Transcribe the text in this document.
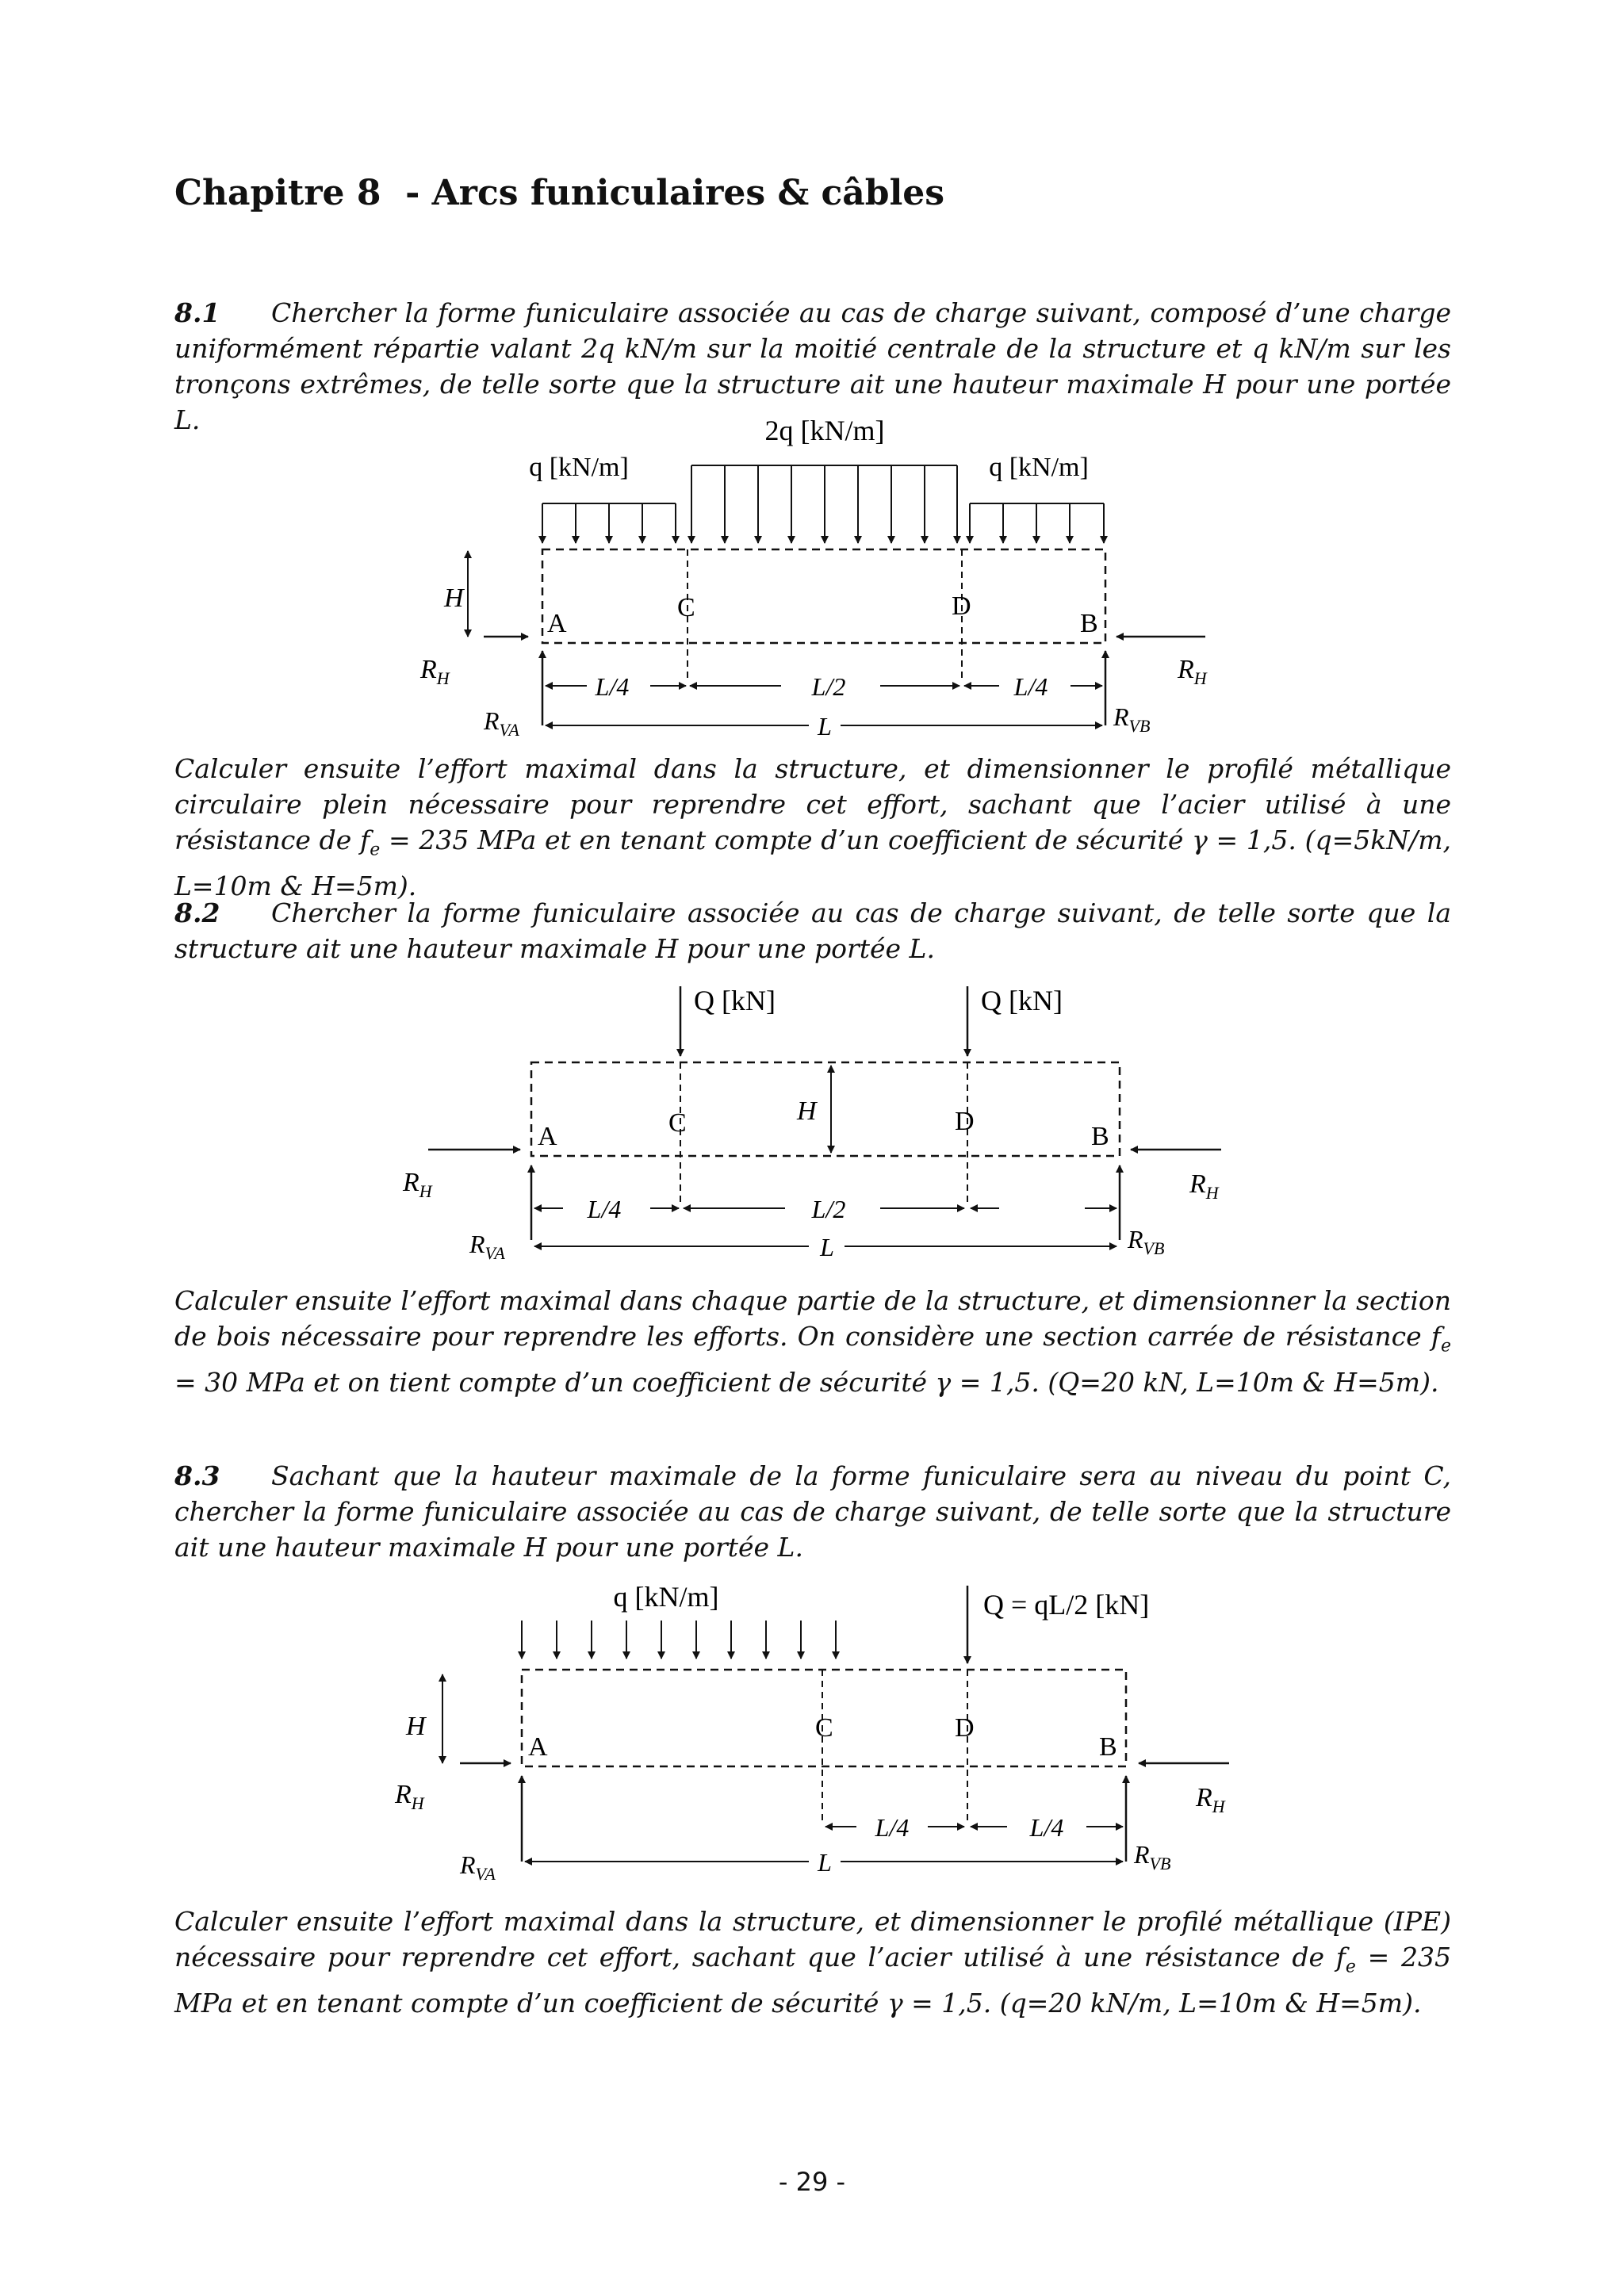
Chapitre 8  - Arcs funiculaires & câbles
8.1 Chercher la forme funiculaire associée au cas de charge suivant, composé d’une charge uniformément répartie valant 2q kN/m sur la moitié centrale de la structure et q kN/m sur les tronçons extrêmes, de telle sorte que la structure ait une hauteur maximale H pour une portée L.	2q [kN/m]
q [kN/m]	q [kN/m]
H
A
C	D
B
$R_H$	$R_H$
$R_{VA}$	$R_{VB}$
L/4	L/2	L/4
L
Calculer ensuite l’effort maximal dans la structure, et dimensionner le profilé métallique circulaire plein nécessaire pour reprendre cet effort, sachant que l’acier utilisé à une résistance de $f_e = 235$ MPa et en tenant compte d’un coefficient de sécurité γ = 1,5. (q=5kN/m, L=10m & H=5m).
8.2 Chercher la forme funiculaire associée au cas de charge suivant, de telle sorte que la structure ait une hauteur maximale H pour une portée L.
Q [kN]	Q [kN]
H
A	C	D
B
$R_H$	$R_H$
$R_{VA}$	$R_{VB}$
L/4	L/2
L
Calculer ensuite l’effort maximal dans chaque partie de la structure, et dimensionner la section de bois nécessaire pour reprendre les efforts. On considère une section carrée de résistance $f_e = 30$ MPa et on tient compte d’un coefficient de sécurité γ = 1,5. (Q=20 kN, L=10m & H=5m).
8.3 Sachant que la hauteur maximale de la forme funiculaire sera au niveau du point C, chercher la forme funiculaire associée au cas de charge suivant, de telle sorte que la structure ait une hauteur maximale H pour une portée L.
q [kN/m]	Q = qL/2 [kN]
H
A
C	D
B
$R_H$	$R_H$
$R_{VA}$
$R_{VB}$
L/4	L/4
L
Calculer ensuite l’effort maximal dans la structure, et dimensionner le profilé métallique (IPE) nécessaire pour reprendre cet effort, sachant que l’acier utilisé à une résistance de $f_e = 235$ MPa et en tenant compte d’un coefficient de sécurité γ = 1,5. (q=20 kN/m, L=10m & H=5m).
- 29 -
